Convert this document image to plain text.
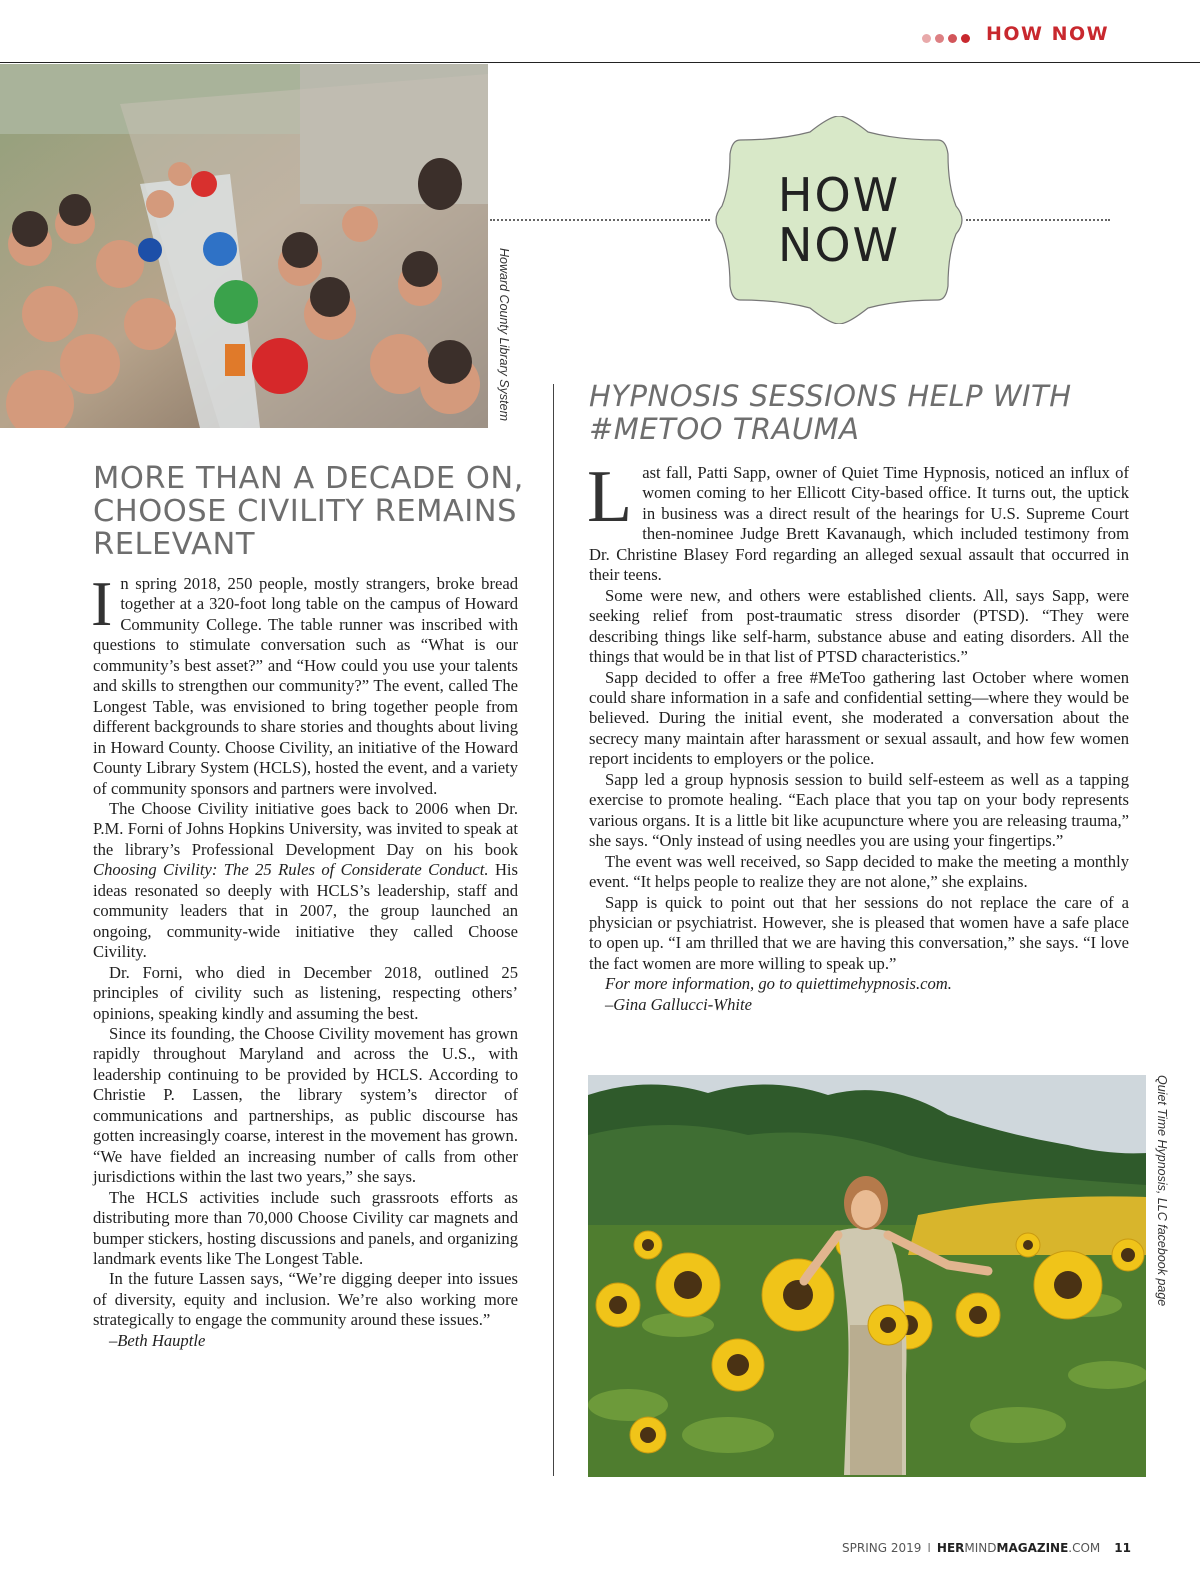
HOW NOW
Howard County Library System
HOW
NOW
MORE THAN A DECADE ON, CHOOSE CIVILITY REMAINS RELEVANT

In spring 2018, 250 people, mostly strangers, broke bread together at a 320-foot long table on the campus of Howard Community College. The table runner was inscribed with questions to stimulate conversation such as “What is our community’s best asset?” and “How could you use your talents and skills to strengthen our community?” The event, called The Longest Table, was envisioned to bring together people from different backgrounds to share stories and thoughts about living in Howard County. Choose Civility, an initiative of the Howard County Library System (HCLS), hosted the event, and a variety of community sponsors and partners were involved.

The Choose Civility initiative goes back to 2006 when Dr. P.M. Forni of Johns Hopkins University, was invited to speak at the library’s Professional Development Day on his book Choosing Civility: The 25 Rules of Considerate Conduct. His ideas resonated so deeply with HCLS’s leadership, staff and community leaders that in 2007, the group launched an ongoing, community-wide initiative they called Choose Civility.

Dr. Forni, who died in December 2018, outlined 25 principles of civility such as listening, respecting others’ opinions, speaking kindly and assuming the best.

Since its founding, the Choose Civility movement has grown rapidly throughout Maryland and across the U.S., with leadership continuing to be provided by HCLS. According to Christie P. Lassen, the library system’s director of communications and partnerships, as public discourse has gotten increasingly coarse, interest in the movement has grown. “We have fielded an increasing number of calls from other jurisdictions within the last two years,” she says.

The HCLS activities include such grassroots efforts as distributing more than 70,000 Choose Civility car magnets and bumper stickers, hosting discussions and panels, and organizing landmark events like The Longest Table.

In the future Lassen says, “We’re digging deeper into issues of diversity, equity and inclusion. We’re also working more strategically to engage the community around these issues.”

–Beth Hauptle

HYPNOSIS SESSIONS HELP WITH #METOO TRAUMA

Last fall, Patti Sapp, owner of Quiet Time Hypnosis, noticed an influx of women coming to her Ellicott City-based office. It turns out, the uptick in business was a direct result of the hearings for U.S. Supreme Court then-nominee Judge Brett Kavanaugh, which included testimony from Dr. Christine Blasey Ford regarding an alleged sexual assault that occurred in their teens.

Some were new, and others were established clients. All, says Sapp, were seeking relief from post-traumatic stress disorder (PTSD). “They were describing things like self-harm, substance abuse and eating disorders. All the things that would be in that list of PTSD characteristics.”

Sapp decided to offer a free #MeToo gathering last October where women could share information in a safe and confidential setting—where they would be believed. During the initial event, she moderated a conversation about the secrecy many maintain after harassment or sexual assault, and how few women report incidents to employers or the police.

Sapp led a group hypnosis session to build self-esteem as well as a tapping exercise to promote healing. “Each place that you tap on your body represents various organs. It is a little bit like acupuncture where you are releasing trauma,” she says. “Only instead of using needles you are using your fingertips.”

The event was well received, so Sapp decided to make the meeting a monthly event. “It helps people to realize they are not alone,” she explains.

Sapp is quick to point out that her sessions do not replace the care of a physician or psychiatrist. However, she is pleased that women have a safe place to open up. “I am thrilled that we are having this conversation,” she says. “I love the fact women are more willing to speak up.”

For more information, go to quiettimehypnosis.com.

–Gina Gallucci-White

Quiet Time Hypnosis, LLC facebook page
SPRING 2019 I HERMINDMAGAZINE.COM 11
